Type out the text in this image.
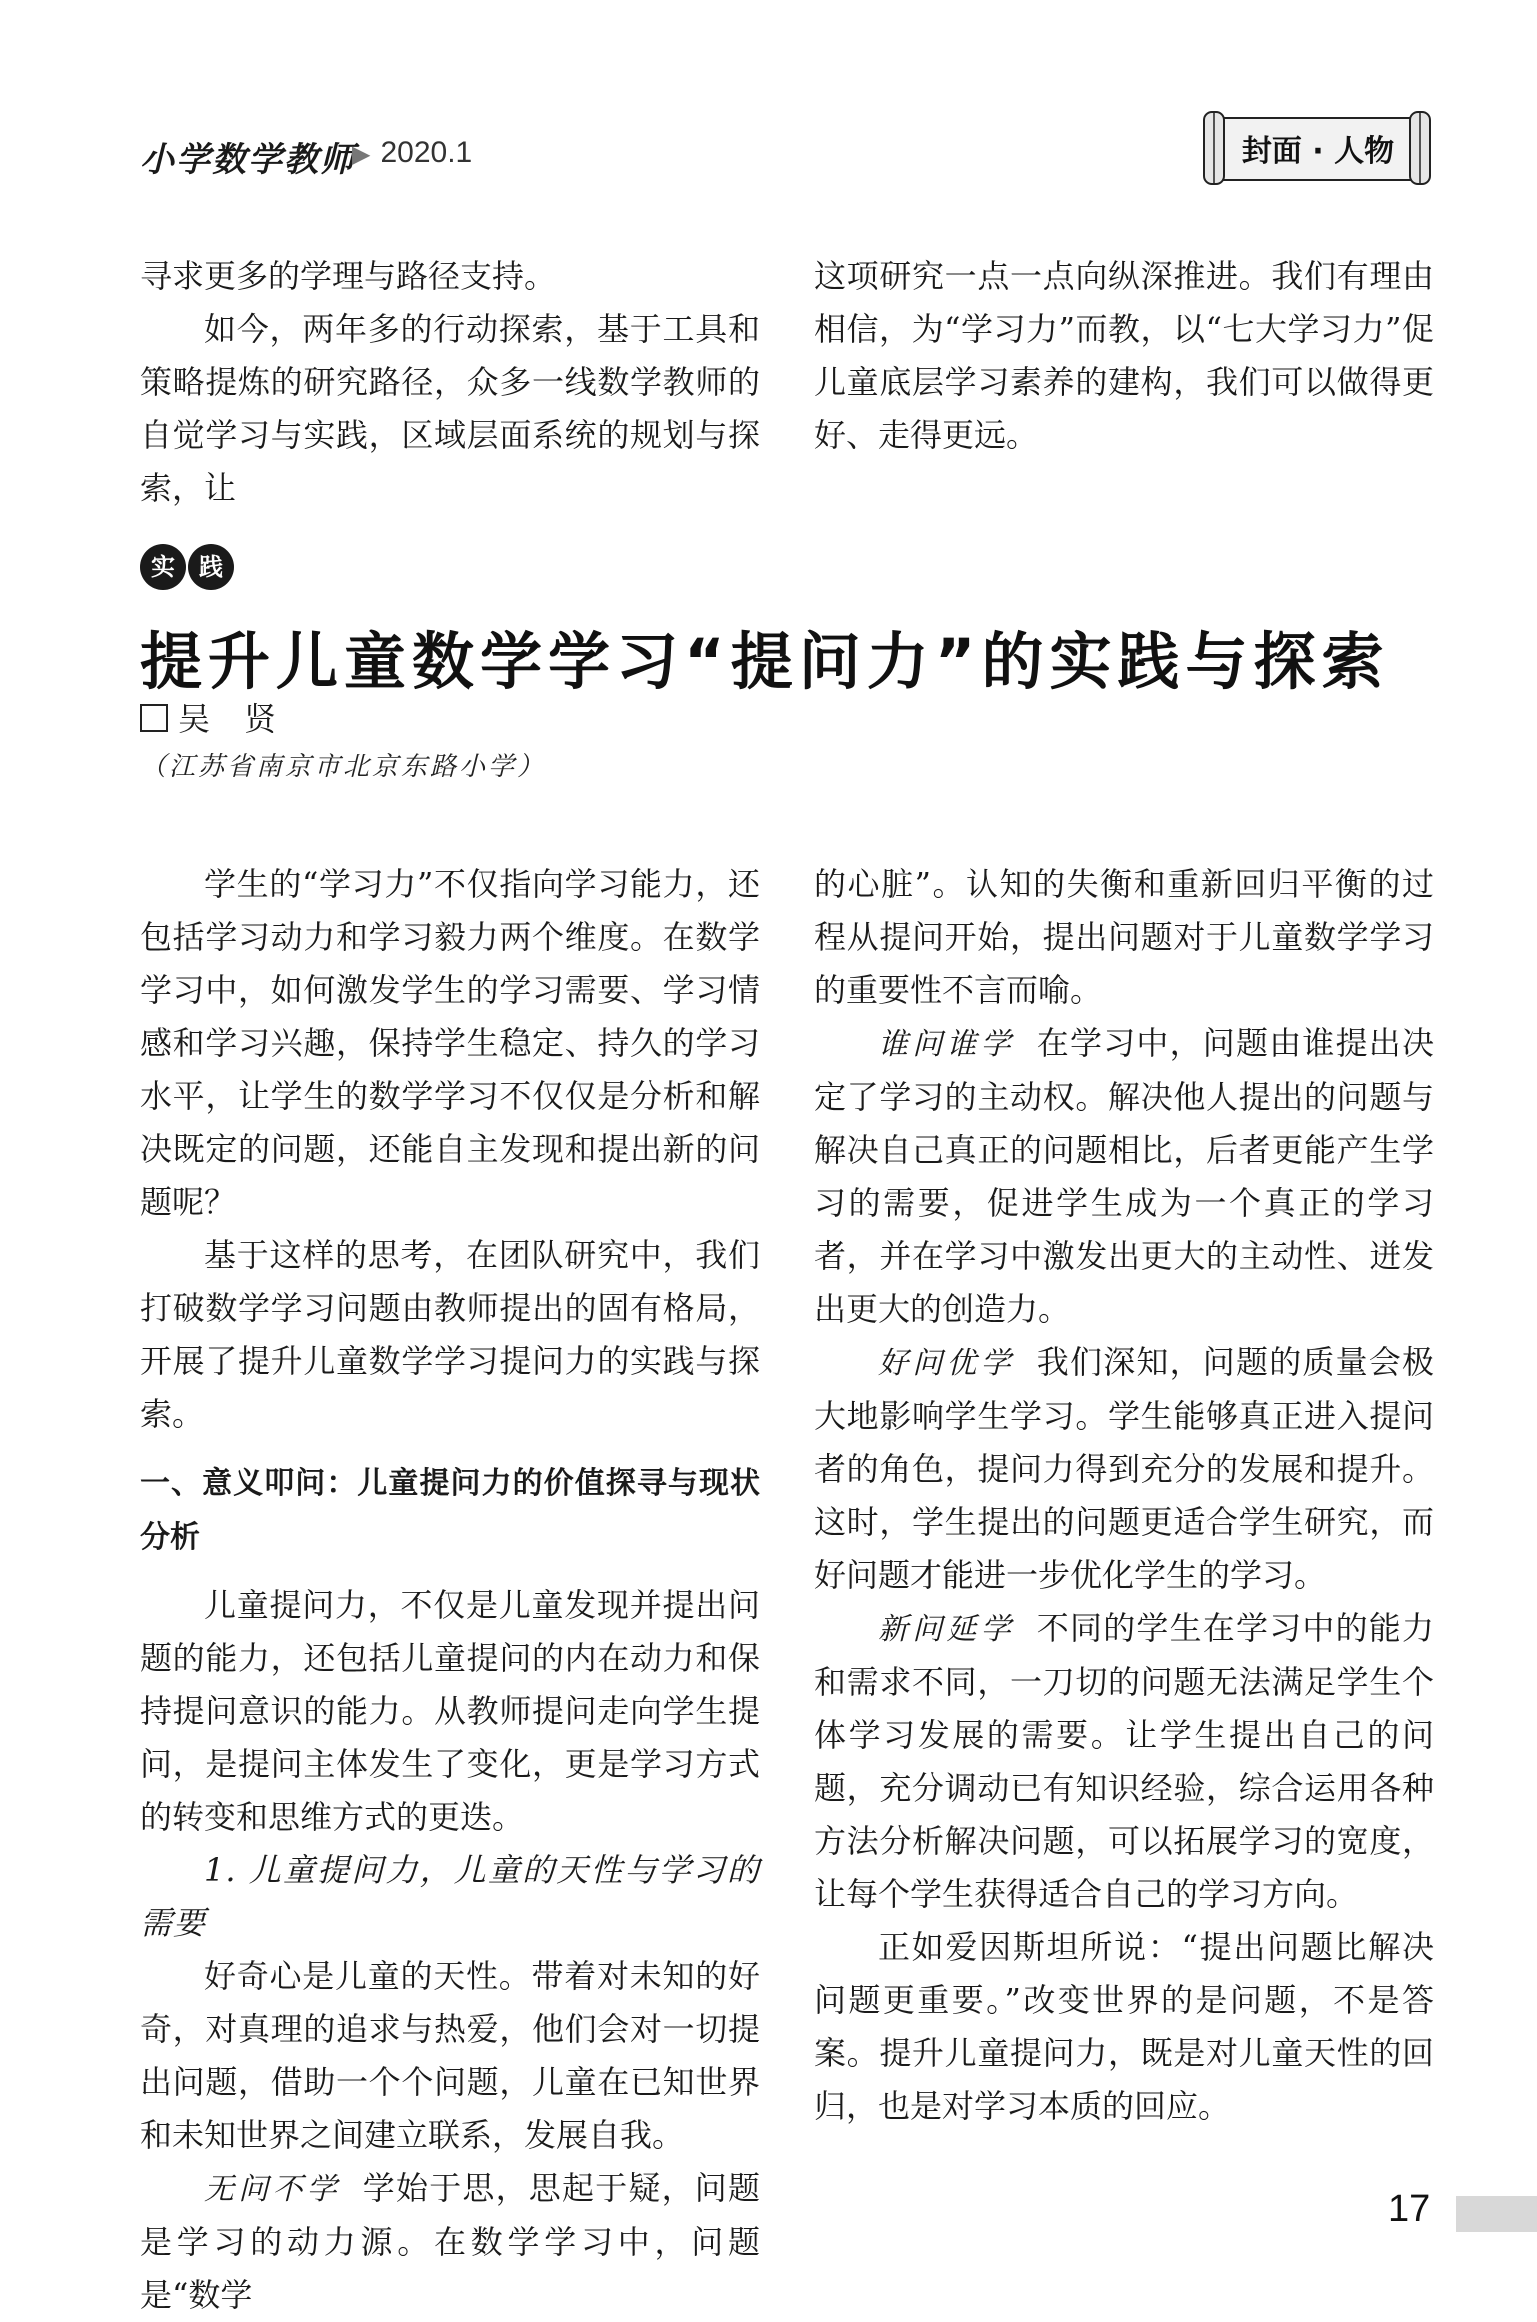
小学数学教师
▶ 2020.1	封面 · 人物

寻求更多的学理与路径支持。

如今，两年多的行动探索，基于工具和策略提炼的研究路径，众多一线数学教师的自觉学习与实践，区域层面系统的规划与探索，让

这项研究一点一点向纵深推进。我们有理由相信，为“学习力”而教，以“七大学习力”促儿童底层学习素养的建构，我们可以做得更好、走得更远。

实 践
提升儿童数学学习“提问力”的实践与探索
吴 贤
（江苏省南京市北京东路小学）

学生的“学习力”不仅指向学习能力，还包括学习动力和学习毅力两个维度。在数学学习中，如何激发学生的学习需要、学习情感和学习兴趣，保持学生稳定、持久的学习水平，让学生的数学学习不仅仅是分析和解决既定的问题，还能自主发现和提出新的问题呢？

基于这样的思考，在团队研究中，我们打破数学学习问题由教师提出的固有格局，开展了提升儿童数学学习提问力的实践与探索。

一、意义叩问：儿童提问力的价值探寻与现状分析

儿童提问力，不仅是儿童发现并提出问题的能力，还包括儿童提问的内在动力和保持提问意识的能力。从教师提问走向学生提问，是提问主体发生了变化，更是学习方式的转变和思维方式的更迭。

1. 儿童提问力，儿童的天性与学习的需要

好奇心是儿童的天性。带着对未知的好奇，对真理的追求与热爱，他们会对一切提出问题，借助一个个问题，儿童在已知世界和未知世界之间建立联系，发展自我。

无问不学 学始于思，思起于疑，问题是学习的动力源。在数学学习中，问题是“数学

的心脏”。认知的失衡和重新回归平衡的过程从提问开始，提出问题对于儿童数学学习的重要性不言而喻。

谁问谁学 在学习中，问题由谁提出决定了学习的主动权。解决他人提出的问题与解决自己真正的问题相比，后者更能产生学习的需要，促进学生成为一个真正的学习者，并在学习中激发出更大的主动性、迸发出更大的创造力。

好问优学 我们深知，问题的质量会极大地影响学生学习。学生能够真正进入提问者的角色，提问力得到充分的发展和提升。这时，学生提出的问题更适合学生研究，而好问题才能进一步优化学生的学习。

新问延学 不同的学生在学习中的能力和需求不同，一刀切的问题无法满足学生个体学习发展的需要。让学生提出自己的问题，充分调动已有知识经验，综合运用各种方法分析解决问题，可以拓展学习的宽度，让每个学生获得适合自己的学习方向。

正如爱因斯坦所说：“提出问题比解决问题更重要。”改变世界的是问题，不是答案。提升儿童提问力，既是对儿童天性的回归，也是对学习本质的回应。

17
